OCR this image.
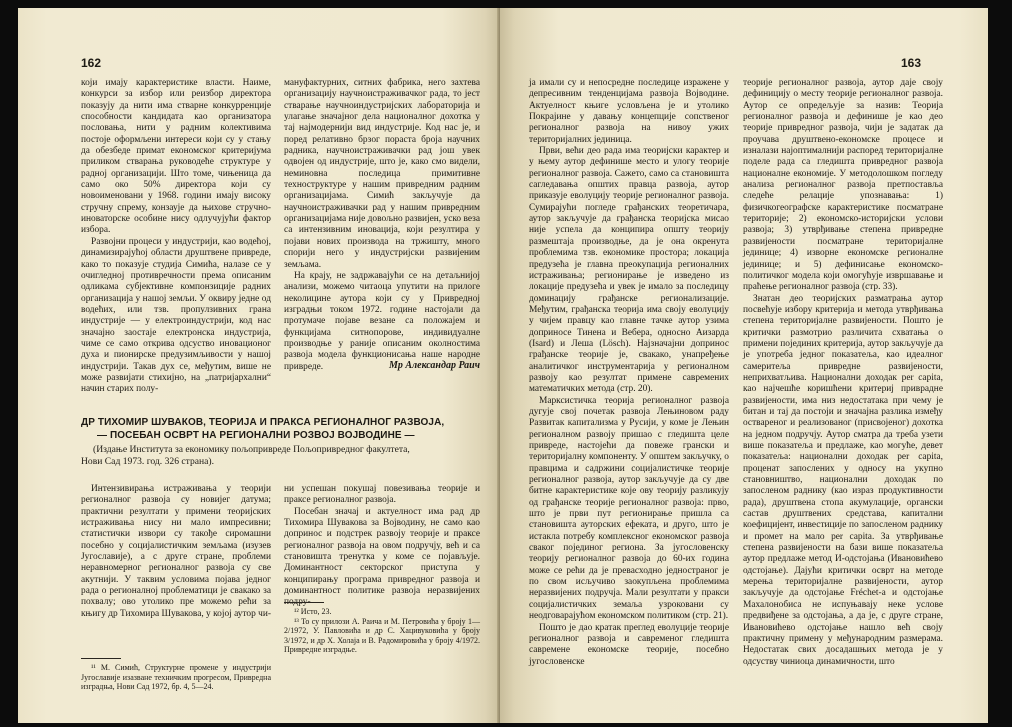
162

који имају карактеристике власти. Наиме, конкурси за избор или реизбор директора показују да нити има стварне конкурренције способности кандидата као организатора пословања, нити у радним колективима постоје оформљени интереси који су у стању да обезбеде примат економског критеријума приликом стварања руководеће структуре у радној организацији. Што томе, чињеница да само око 50% директора који су новоименовани у 1968. години имају високу стручну спрему, конзаује да њихове стручно-иноваторске особине нису одлучујући фактор избора.

Развојни процеси у индустрији, као водећој, динамизирајућој области друштвене привреде, како то показује студија Симића, налазе се у очигледној противречности према описаним одликама субјективне компонзиције радних организација у нашој земљи. У оквиру једне од водећих, или тзв. пропулзивних грана индустрије — у електроиндустрији, код нас значајно заостаје електронска индустрија, чиме се само открива одсуство иновационог духа и пионирске предузимљивости у нашој индустрији. Такав дух се, међутим, више не може развијати стихијно, на „патријархални“ начин старих полу-

мануфактурних, ситних фабрика, него захтева организацију научноистраживачког рада, то јест стварање научноиндустријских лабораторија и улагање значајног дела националног дохотка у тај најмодернији вид индустрије. Код нас је, и поред релативно брзог пораста броја научних радника, научноистраживачки рад још увек одвојен од индустрије, што је, како смо видели, неминовна последица примитивне техноструктуре у нашим привредним радним организацијама. Симић закључује да научноистраживачки рад у нашим привредним организацијама није довољно развијен, уско веза са интензивним иновација, који резултира у појави нових производа на тржишту, много спорији него у индустријски развијеним земљама.

На крају, не задржавајући се на детаљнијој анализи, можемо читаоца упутити на прилоге неколицине аутора који су у Привредној изградњи током 1972. године настојали да протумаче појаве везане са положајем и функцијама ситнопорове, индивидуалне производње у раније описаним околностима развоја модела функционисања наше народне привреде.	Мр Александар Раич
ДР ТИХОМИР ШУВАКОВ, ТЕОРИЈА И ПРАКСА РЕГИОНАЛНОГ РАЗВОЈА,
— ПОСЕБАН ОСВРТ НА РЕГИОНАЛНИ РОЗВОЈ ВОЈВОДИНЕ —
(Издање Института за економику пољопривреде Пољопривредног факултета,
Нови Сад 1973. год. 326 страна).

Интензивирања истраживања у теорији регионалног развоја су новијег датума; практични резултати у примени теоријских истраживања нису ни мало импресивни; статистички извори су такође сиромашни посебно у социјалистичким земљама (изузев Југославије), а с друге стране, проблеми неравномерног регионалног развоја су све акутнији. У таквим условима појава једног рада о регионалној проблематици је свакако за похвалу; ово утолико пре можемо рећи за књигу др Тихомира Шувакова, у којој аутор чи-

ни успешан покушај повезивања теорије и праксе регионалног развоја.

Посебан значај и актуелност има рад др Тихомира Шувакова за Војводину, не само као допринос и подстрек развоју теорије и праксе регионалног развоја на овом подручју, већ и са становишта тренутка у коме се појављује. Доминантност секторског приступа у конципирању програма привредног развоја и доминантност политике развоја неразвијених подру-

¹¹ М. Симић, Структурне промене у индустрији Југославије изазване техничким прогресом, Привредна изградња, Нови Сад 1972, бр. 4, 5—24.

¹² Исто, 23.

¹³ То су прилози А. Раича и М. Петровића у броју 1—2/1972, У. Павловића и др С. Хацивуковића у броју 3/1972, и др Х. Холаја и В. Радомировића у броју 4/1972. Привредне изградње.

163

ја имали су и непосредне последице изражене у депресивним тенденцијама развоја Војводине. Актуелност књиге условљена је и утолико Покрајине у давању концепције сопственог регионалног развоја на нивоу ужих територијалних јединица.

Први, већи део рада има теоријски карактер и у њему аутор дефинише место и улогу теорије регионалног развоја. Сажето, само са становишта сагледавања општих правца развоја, аутор приказује еволуцију теорије регионалног развоја. Сумирајући погледе грађанских теоретичара, аутор закључује да грађанска теоријска мисао није успела да конципира општу теорију размештаја производње, да је она окренута проблемима тзв. економике простора; локација предузећа је главна преокупација регионалних истраживања; регионирање је изведено из локације предузећа и увек је имало за последицу доминацију грађанске регионализације. Међутим, грађанска теорија има своју еволуцију у чијем правцу као главне тачке аутор узима доприносе Тинена и Вебера, односно Аизарда (Isard) и Леша (Lösch). Најзначајни допринос грађанске теорије је, свакако, унапређење аналитичког инструментарија у регионалном развоју као резултат примене савремених математичких метода (стр. 20).

Марксистичка теорија регионалног развоја дугује свој почетак развоја Лењиновом раду Развитак капитализма у Русији, у коме је Лењин регионалном развоју пришао с гледишта целе привреде, настојећи да повеже грански и територијалну компоненту. У општем закључку, о правцима и садржини социјалистичке теорије регионалног развоја, аутор закључује да су две битне карактеристике које ову теорију разликују од грађанске теорије регионалног развоја: прво, што је први пут регионирање пришла са становишта ауторских ефеката, и друго, што је истакла потребу комплексног економског развоја сваког појединог региона. За југословенску теорију регионалног развоја до 60-их година може се рећи да је превасходно једностраног је по свом исључиво заокупљена проблемима неразвијених подручја. Мали резултати у пракси социјалистичких земаља узроковани су неодговарајућом економском политиком (стр. 21).

Пошто је дао кратак преглед еволуције теорије регионалног развоја и савременог гледишта савремене економске теорије, посебно југословенске

теорије регионалног развоја, аутор даје своју дефиницију о месту теорије регионалног развоја. Аутор се опредељује за назив: Теорија регионалног развоја и дефинише је као део теорије привредног развоја, чији је задатак да проучава друштвено-економске процесе и изналази најоптималнији распоред територијалне поделе рада са гледишта привредног развоја националне економије. У методолошком погледу анализа регионалног развоја претпоставља следеће релације упознавања: 1) физичкогеографске карактеристике посматране територије; 2) економско-историјски услови развоја; 3) утврђивање степена привредне развијености посматране територијалне јединице; 4) изворне економске регионалне јединице; и 5) дефинисање економско-политичког модела који омогућује извршавање и праћење регионалног развоја (стр. 33).

Знатан део теоријских разматрања аутор посвећује избору критерија и метода утврђивања степена територијалне развијености. Пошто је критички размотрио различита схватања о примени појединих критерија, аутор закључује да је употреба једног показатеља, као идеалног самеритеља привредне развијености, неприхватљива. Национални доходак per capita, као најчешће коришћени критериј приврадне развијености, има низ недостатака при чему је битан и тај да постоји и значајна разлика између оствареног и реализованог (присвојеног) дохотка на једном подручју. Аутор сматра да треба узети више показатеља и предлаже, као могуће, девет показатеља: национални доходак per capita, проценат запослених у односу на укупно становништво, национални доходак по запосленом раднику (као израз продуктивности рада), друштвена стопа акумулације, органски састав друштвених средстава, капитални коефицијент, инвестиције по запосленом раднику и промет на мало per capita. За утврђивање степена развијености на бази више показатеља аутор предлаже метод И-одстојања (Ивановићево одстојање). Дајући критички осврт на методе мерења територијалне развијености, аутор закључује да одстојање Fréchet-а и одстојање Махалонобиса не испуњавају неке услове предвиђене за одстојања, а да је, с друге стране, Ивановићево одстојање нашло већ своју практичну примену у међународним размерама. Недостатак свих досадашњих метода је у одсуству чиниоца динамичности, што
